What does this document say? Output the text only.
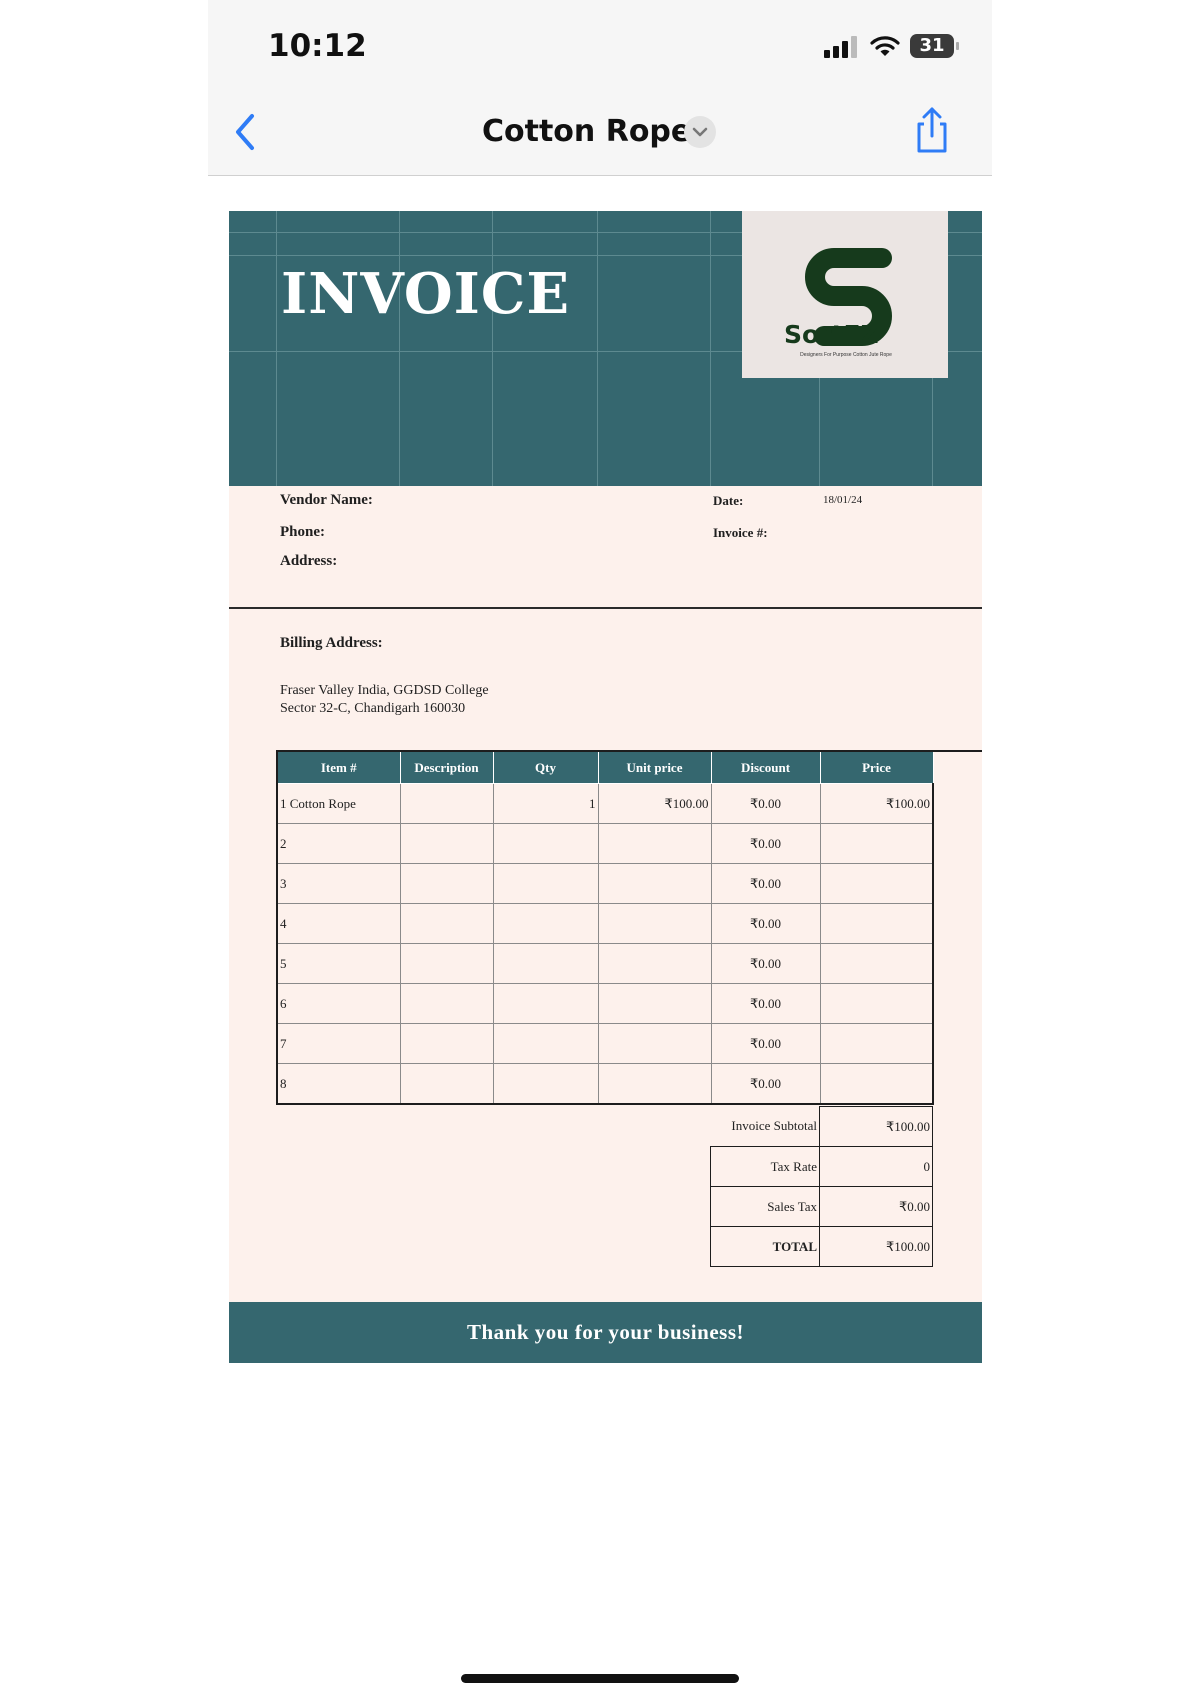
10:12	31
Cotton Rope
INVOICE
SortEZ
Designers For Purpose Cotton Jute Rope
Vendor Name:
Phone:
Address:
Date:	18/01/24
Invoice #:
Billing Address:
Fraser Valley India, GGDSD College
Sector 32-C, Chandigarh 160030
Item #	Description	Qty	Unit price	Discount	Price
1 Cotton Rope		1	₹100.00	₹0.00	₹100.00
2				₹0.00	
3				₹0.00	
4				₹0.00	
5				₹0.00	
6				₹0.00	
7				₹0.00	
8				₹0.00	
Invoice Subtotal	₹100.00
Tax Rate	0
Sales Tax	₹0.00
TOTAL	₹100.00
Thank you for your business!
